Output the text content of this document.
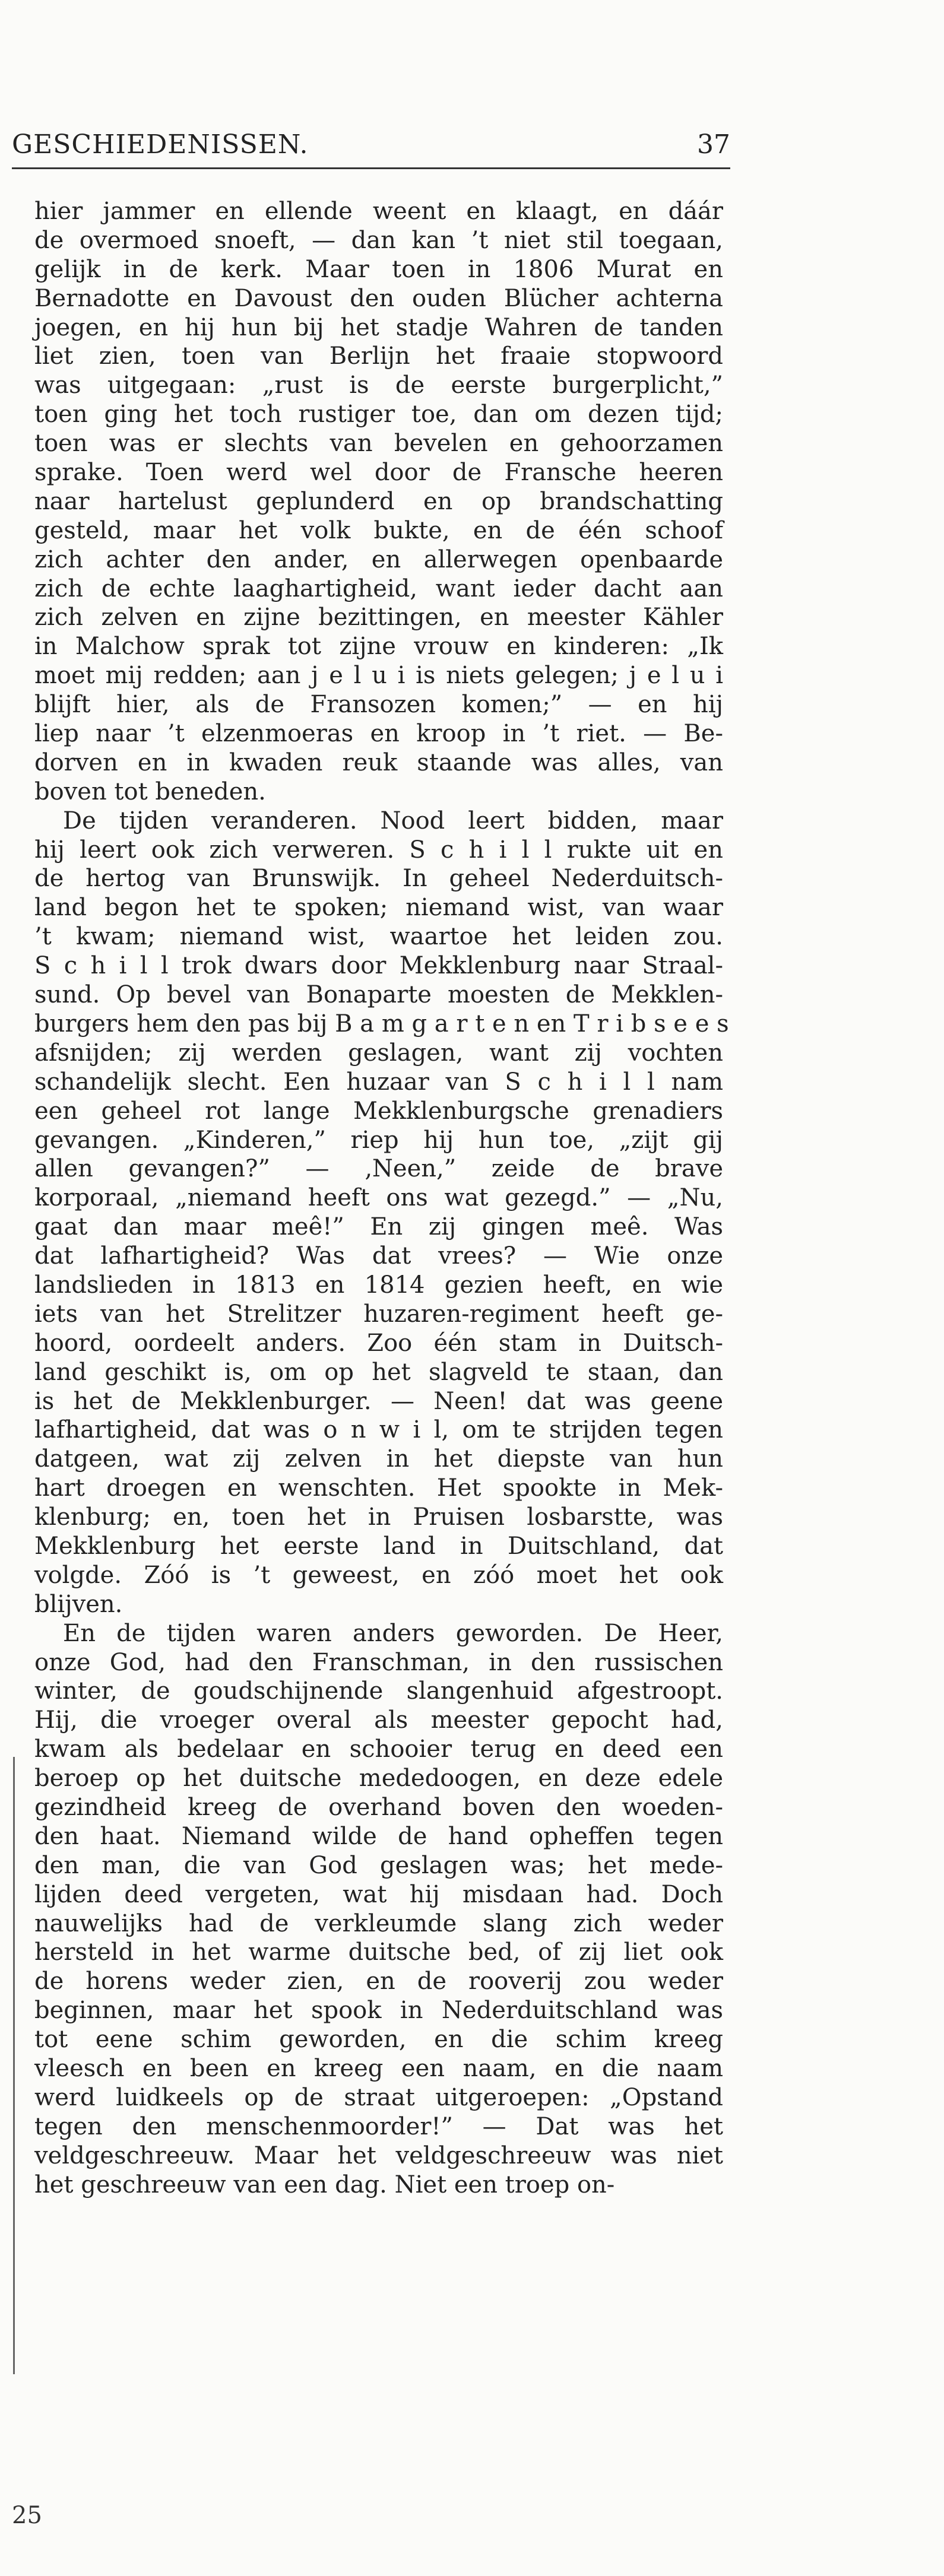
GESCHIEDENISSEN.	37
hier jammer en ellende weent en klaagt, en dáár
de overmoed snoeft, — dan kan ’t niet stil toegaan,
gelijk in de kerk. Maar toen in 1806 Murat en
Bernadotte en Davoust den ouden Blücher achterna
joegen, en hij hun bij het stadje Wahren de tanden
liet zien, toen van Berlijn het fraaie stopwoord
was uitgegaan: „rust is de eerste burgerplicht,”
toen ging het toch rustiger toe, dan om dezen tijd;
toen was er slechts van bevelen en gehoorzamen
sprake. Toen werd wel door de Fransche heeren
naar hartelust geplunderd en op brandschatting
gesteld, maar het volk bukte, en de één schoof
zich achter den ander, en allerwegen openbaarde
zich de echte laaghartigheid, want ieder dacht aan
zich zelven en zijne bezittingen, en meester Kähler
in Malchow sprak tot zijne vrouw en kinderen: „Ik
moet mij redden; aan j e l u i is niets gelegen; j e l u i
blijft hier, als de Fransozen komen;” — en hij
liep naar ’t elzenmoeras en kroop in ’t riet. — Be-
dorven en in kwaden reuk staande was alles, van
boven tot beneden.
De tijden veranderen. Nood leert bidden, maar
hij leert ook zich verweren. S c h i l l rukte uit en
de hertog van Brunswijk. In geheel Nederduitsch-
land begon het te spoken; niemand wist, van waar
’t kwam; niemand wist, waartoe het leiden zou.
S c h i l l trok dwars door Mekklenburg naar Straal-
sund. Op bevel van Bonaparte moesten de Mekklen-
burgers hem den pas bij B a m g a r t e n en T r i b s e e s
afsnijden; zij werden geslagen, want zij vochten
schandelijk slecht. Een huzaar van S c h i l l nam
een geheel rot lange Mekklenburgsche grenadiers
gevangen. „Kinderen,” riep hij hun toe, „zijt gij
allen gevangen?” — ‚Neen,” zeide de brave
korporaal, „niemand heeft ons wat gezegd.” — „Nu,
gaat dan maar meê!” En zij gingen meê. Was
dat lafhartigheid? Was dat vrees? — Wie onze
landslieden in 1813 en 1814 gezien heeft, en wie
iets van het Strelitzer huzaren-regiment heeft ge-
hoord, oordeelt anders. Zoo één stam in Duitsch-
land geschikt is, om op het slagveld te staan, dan
is het de Mekklenburger. — Neen! dat was geene
lafhartigheid, dat was o n w i l, om te strijden tegen
datgeen, wat zij zelven in het diepste van hun
hart droegen en wenschten. Het spookte in Mek-
klenburg; en, toen het in Pruisen losbarstte, was
Mekklenburg het eerste land in Duitschland, dat
volgde. Zóó is ’t geweest, en zóó moet het ook
blijven.
En de tijden waren anders geworden. De Heer,
onze God, had den Franschman, in den russischen
winter, de goudschijnende slangenhuid afgestroopt.
Hij, die vroeger overal als meester gepocht had,
kwam als bedelaar en schooier terug en deed een
beroep op het duitsche mededoogen, en deze edele
gezindheid kreeg de overhand boven den woeden-
den haat. Niemand wilde de hand opheffen tegen
den man, die van God geslagen was; het mede-
lijden deed vergeten, wat hij misdaan had. Doch
nauwelijks had de verkleumde slang zich weder
hersteld in het warme duitsche bed, of zij liet ook
de horens weder zien, en de rooverij zou weder
beginnen, maar het spook in Nederduitschland was
tot eene schim geworden, en die schim kreeg
vleesch en been en kreeg een naam, en die naam
werd luidkeels op de straat uitgeroepen: „Opstand
tegen den menschenmoorder!” — Dat was het
veldgeschreeuw. Maar het veldgeschreeuw was niet
het geschreeuw van een dag. Niet een troep on-
25
